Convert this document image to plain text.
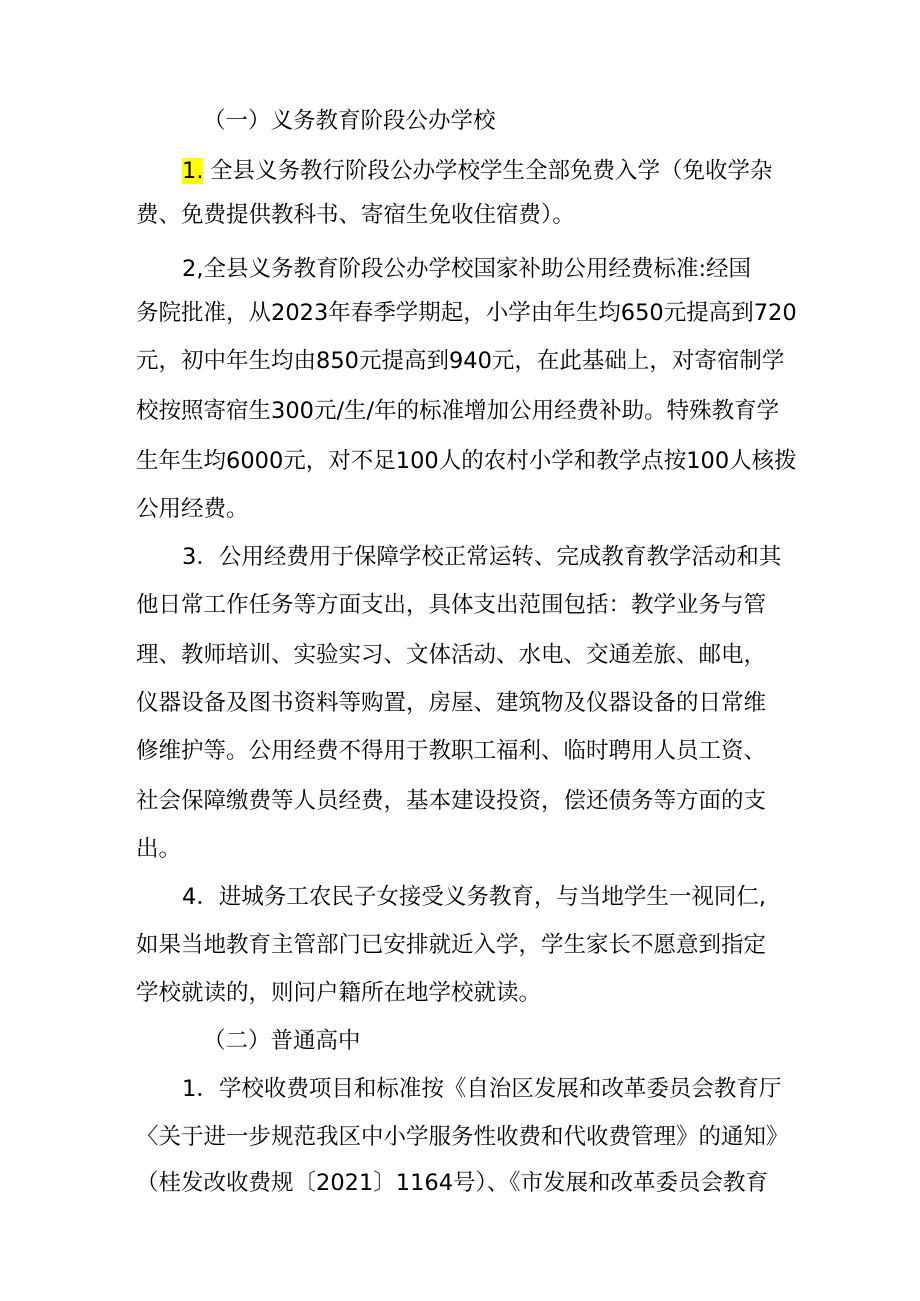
（一）义务教育阶段公办学校
1. 全县义务教行阶段公办学校学生全部免费入学（免收学杂
费、免费提供教科书、寄宿生免收住宿费）。
2,全县义务教育阶段公办学校国家补助公用经费标准:经国
务院批准，从2023年春季学期起，小学由年生均650元提高到720
元，初中年生均由850元提高到940元，在此基础上，对寄宿制学
校按照寄宿生300元/生/年的标准增加公用经费补助。特殊教育学
生年生均6000元，对不足100人的农村小学和教学点按100人核拨
公用经费。
3．公用经费用于保障学校正常运转、完成教育教学活动和其
他日常工作任务等方面支出，具体支出范围包括：教学业务与管
理、教师培训、实验实习、文体活动、水电、交通差旅、邮电，
仪器设备及图书资料等购置，房屋、建筑物及仪器设备的日常维
修维护等。公用经费不得用于教职工福利、临时聘用人员工资、
社会保障缴费等人员经费，基本建设投资，偿还债务等方面的支
出。
4．进城务工农民子女接受义务教育，与当地学生一视同仁,
如果当地教育主管部门已安排就近入学，学生家长不愿意到指定
学校就读的，则问户籍所在地学校就读。
（二）普通高中
1．学校收费项目和标准按《自治区发展和改革委员会教育厅
〈关于进一步规范我区中小学服务性收费和代收费管理》的通知》
（桂发改收费规〔2021〕1164号）、《市发展和改革委员会教育
